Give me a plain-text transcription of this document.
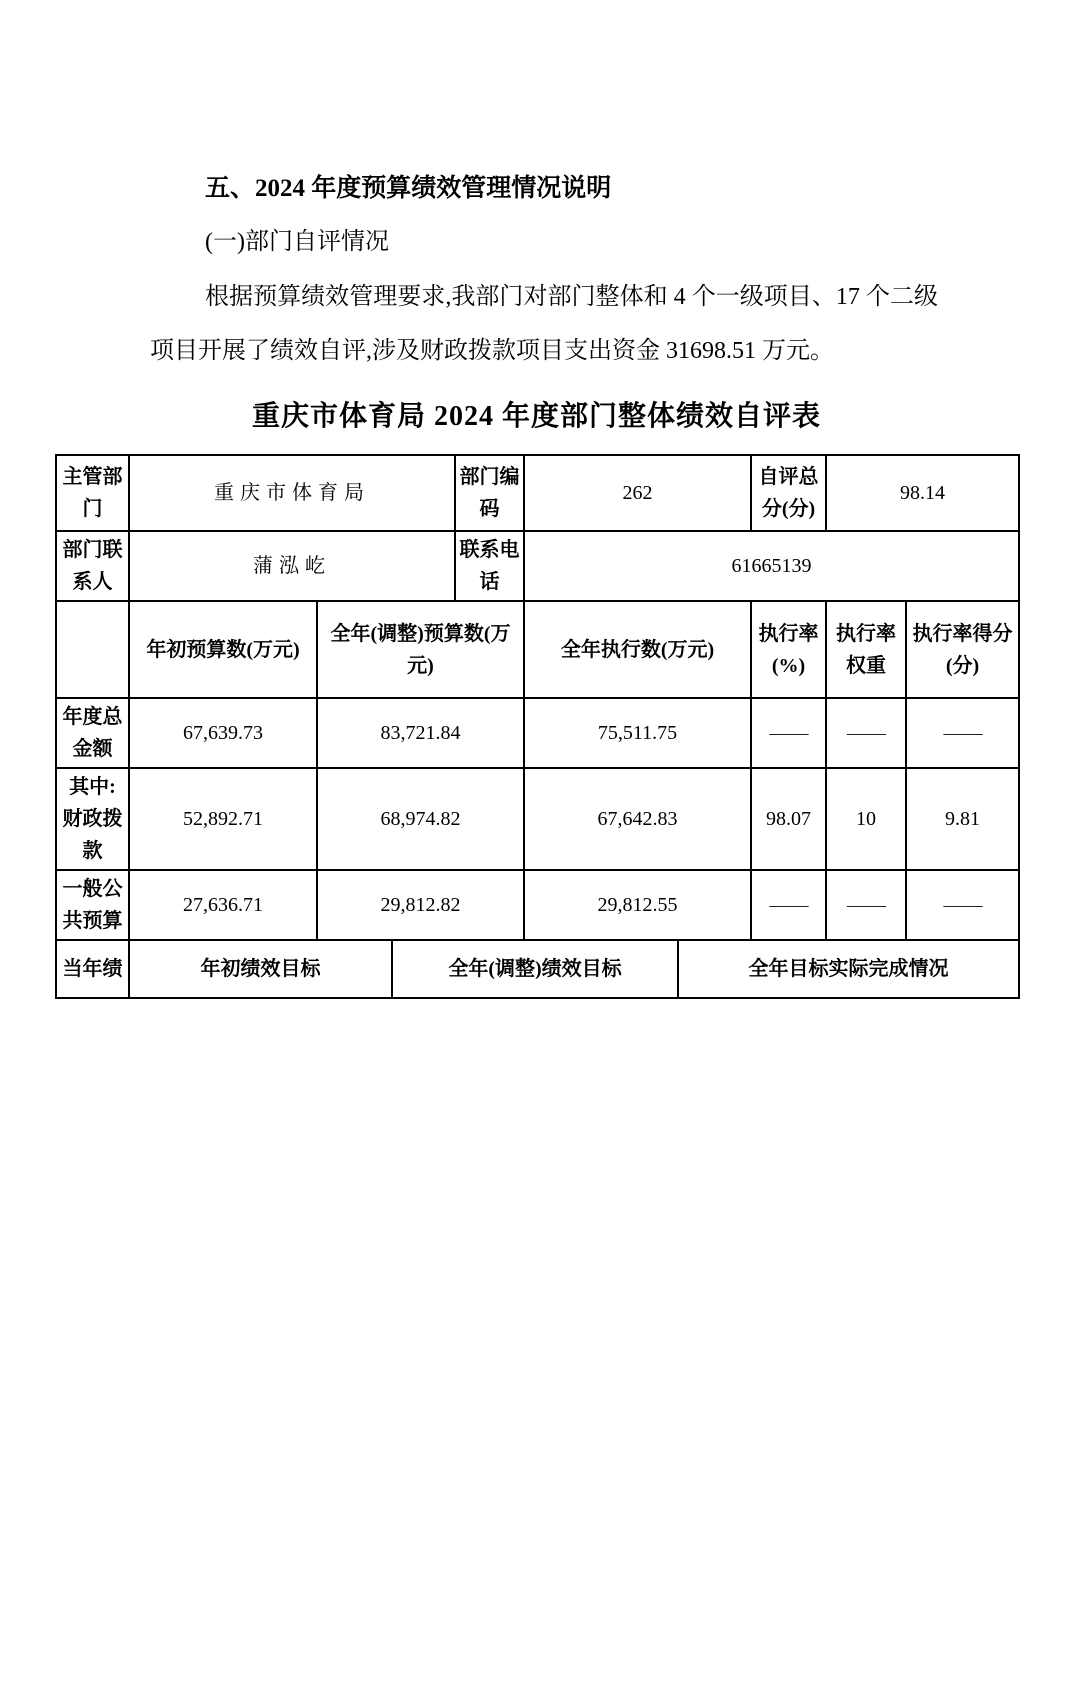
五、2024 年度预算绩效管理情况说明
(一)部门自评情况

根据预算绩效管理要求,我部门对部门整体和 4 个一级项目、17 个二级项目开展了绩效自评,涉及财政拨款项目支出资金 31698.51 万元。

重庆市体育局 2024 年度部门整体绩效自评表
主管部门	重庆市体育局			部门编码	262		自评总分(分)	98.14	
部门联系人	蒲泓屹			联系电话	61665139				
	年初预算数(万元)	全年(调整)预算数(万元)			全年执行数(万元)		执行率(%)	执行率权重	执行率得分(分)
年度总金额	67,639.73	83,721.84			75,511.75		——	——	——
其中:财政拨款	52,892.71	68,974.82			67,642.83		98.07	10	9.81
一般公共预算	27,636.71	29,812.82			29,812.55		——	——	——
当年绩	年初绩效目标		全年(调整)绩效目标			全年目标实际完成情况			
